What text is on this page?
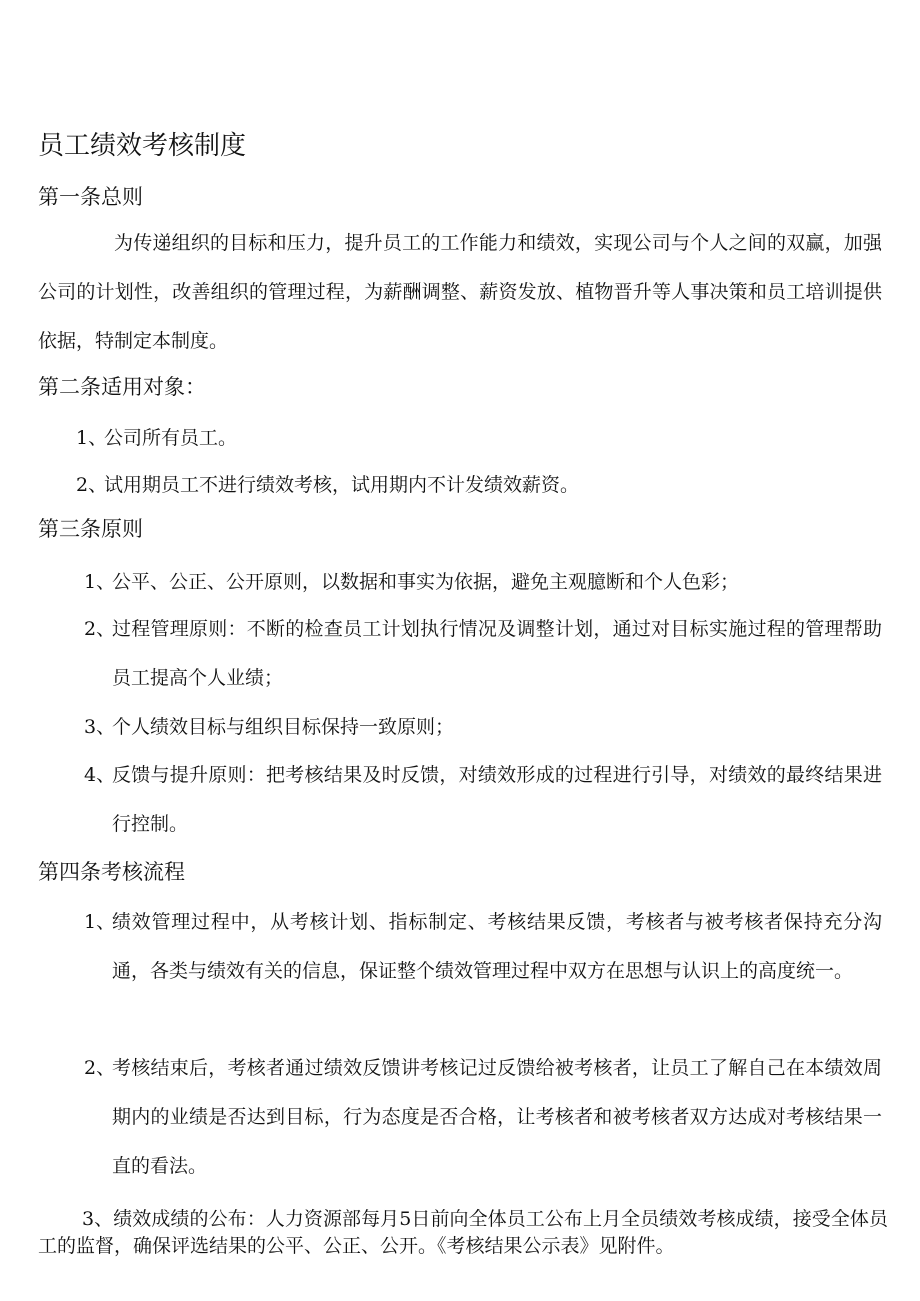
员工绩效考核制度
第一条总则

为传递组织的目标和压力，提升员工的工作能力和绩效，实现公司与个人之间的双赢，加强公司的计划性，改善组织的管理过程，为薪酬调整、薪资发放、植物晋升等人事决策和员工培训提供依据，特制定本制度。

第二条适用对象：
1、
公司所有员工。
2、
试用期员工不进行绩效考核，试用期内不计发绩效薪资。
第三条原则
1、
公平、公正、公开原则，以数据和事实为依据，避免主观臆断和个人色彩；
2、
过程管理原则：不断的检查员工计划执行情况及调整计划，通过对目标实施过程的管理帮助员工提高个人业绩；
3、
个人绩效目标与组织目标保持一致原则；
4、
反馈与提升原则：把考核结果及时反馈，对绩效形成的过程进行引导，对绩效的最终结果进行控制。
第四条考核流程
1、
绩效管理过程中，从考核计划、指标制定、考核结果反馈，考核者与被考核者保持充分沟通，各类与绩效有关的信息，保证整个绩效管理过程中双方在思想与认识上的高度统一。
2、
考核结束后，考核者通过绩效反馈讲考核记过反馈给被考核者，让员工了解自己在本绩效周期内的业绩是否达到目标，行为态度是否合格，让考核者和被考核者双方达成对考核结果一直的看法。
3、绩效成绩的公布：人力资源部每月5日前向全体员工公布上月全员绩效考核成绩，接受全体员工的监督，确保评选结果的公平、公正、公开。《考核结果公示表》见附件。
